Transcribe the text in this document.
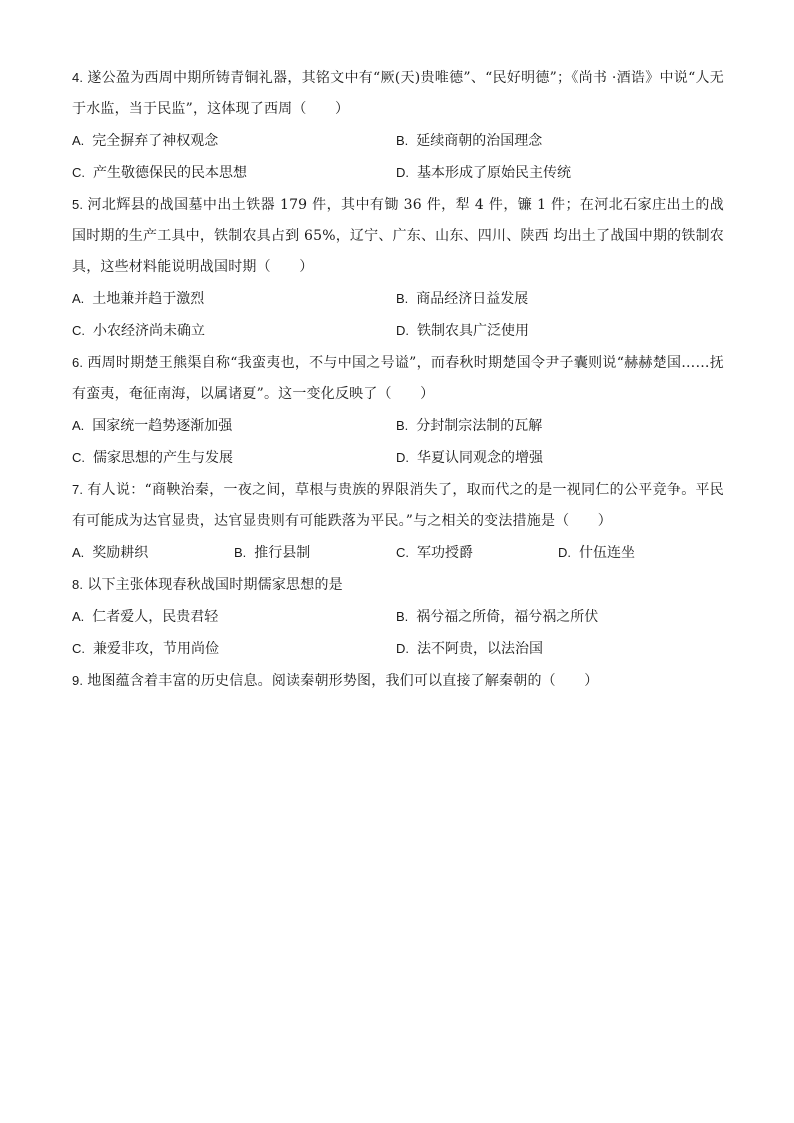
4. 遂公盈为西周中期所铸青铜礼器，其铭文中有“厥(天)贵唯德”、“民好明德”；《尚书 ·酒诰》中说“人无于水监，当于民监”，这体现了西周（　　）

A. 完全摒弃了神权观念	B. 延续商朝的治国理念
C. 产生敬德保民的民本思想	D. 基本形成了原始民主传统

5. 河北辉县的战国墓中出土铁器 179 件，其中有锄 36 件，犁 4 件，镰 1 件；在河北石家庄出土的战国时期的生产工具中，铁制农具占到 65%，辽宁、广东、山东、四川、陕西 均出土了战国中期的铁制农具，这些材料能说明战国时期（　　）

A. 土地兼并趋于激烈	B. 商品经济日益发展
C. 小农经济尚未确立	D. 铁制农具广泛使用

6. 西周时期楚王熊渠自称“我蛮夷也，不与中国之号谥”，而春秋时期楚国令尹子囊则说“赫赫楚国……抚有蛮夷，奄征南海，以属诸夏”。这一变化反映了（　　）

A. 国家统一趋势逐渐加强	B. 分封制宗法制的瓦解
C. 儒家思想的产生与发展	D. 华夏认同观念的增强

7. 有人说：“商鞅治秦，一夜之间，草根与贵族的界限消失了，取而代之的是一视同仁的公平竞争。平民有可能成为达官显贵，达官显贵则有可能跌落为平民。”与之相关的变法措施是（　　）

A. 奖励耕织	B. 推行县制	C. 军功授爵	D. 什伍连坐

8. 以下主张体现春秋战国时期儒家思想的是

A. 仁者爱人，民贵君轻	B. 祸兮福之所倚，福兮祸之所伏
C. 兼爱非攻，节用尚俭	D. 法不阿贵，以法治国

9. 地图蕴含着丰富的历史信息。阅读秦朝形势图，我们可以直接了解秦朝的（　　）
